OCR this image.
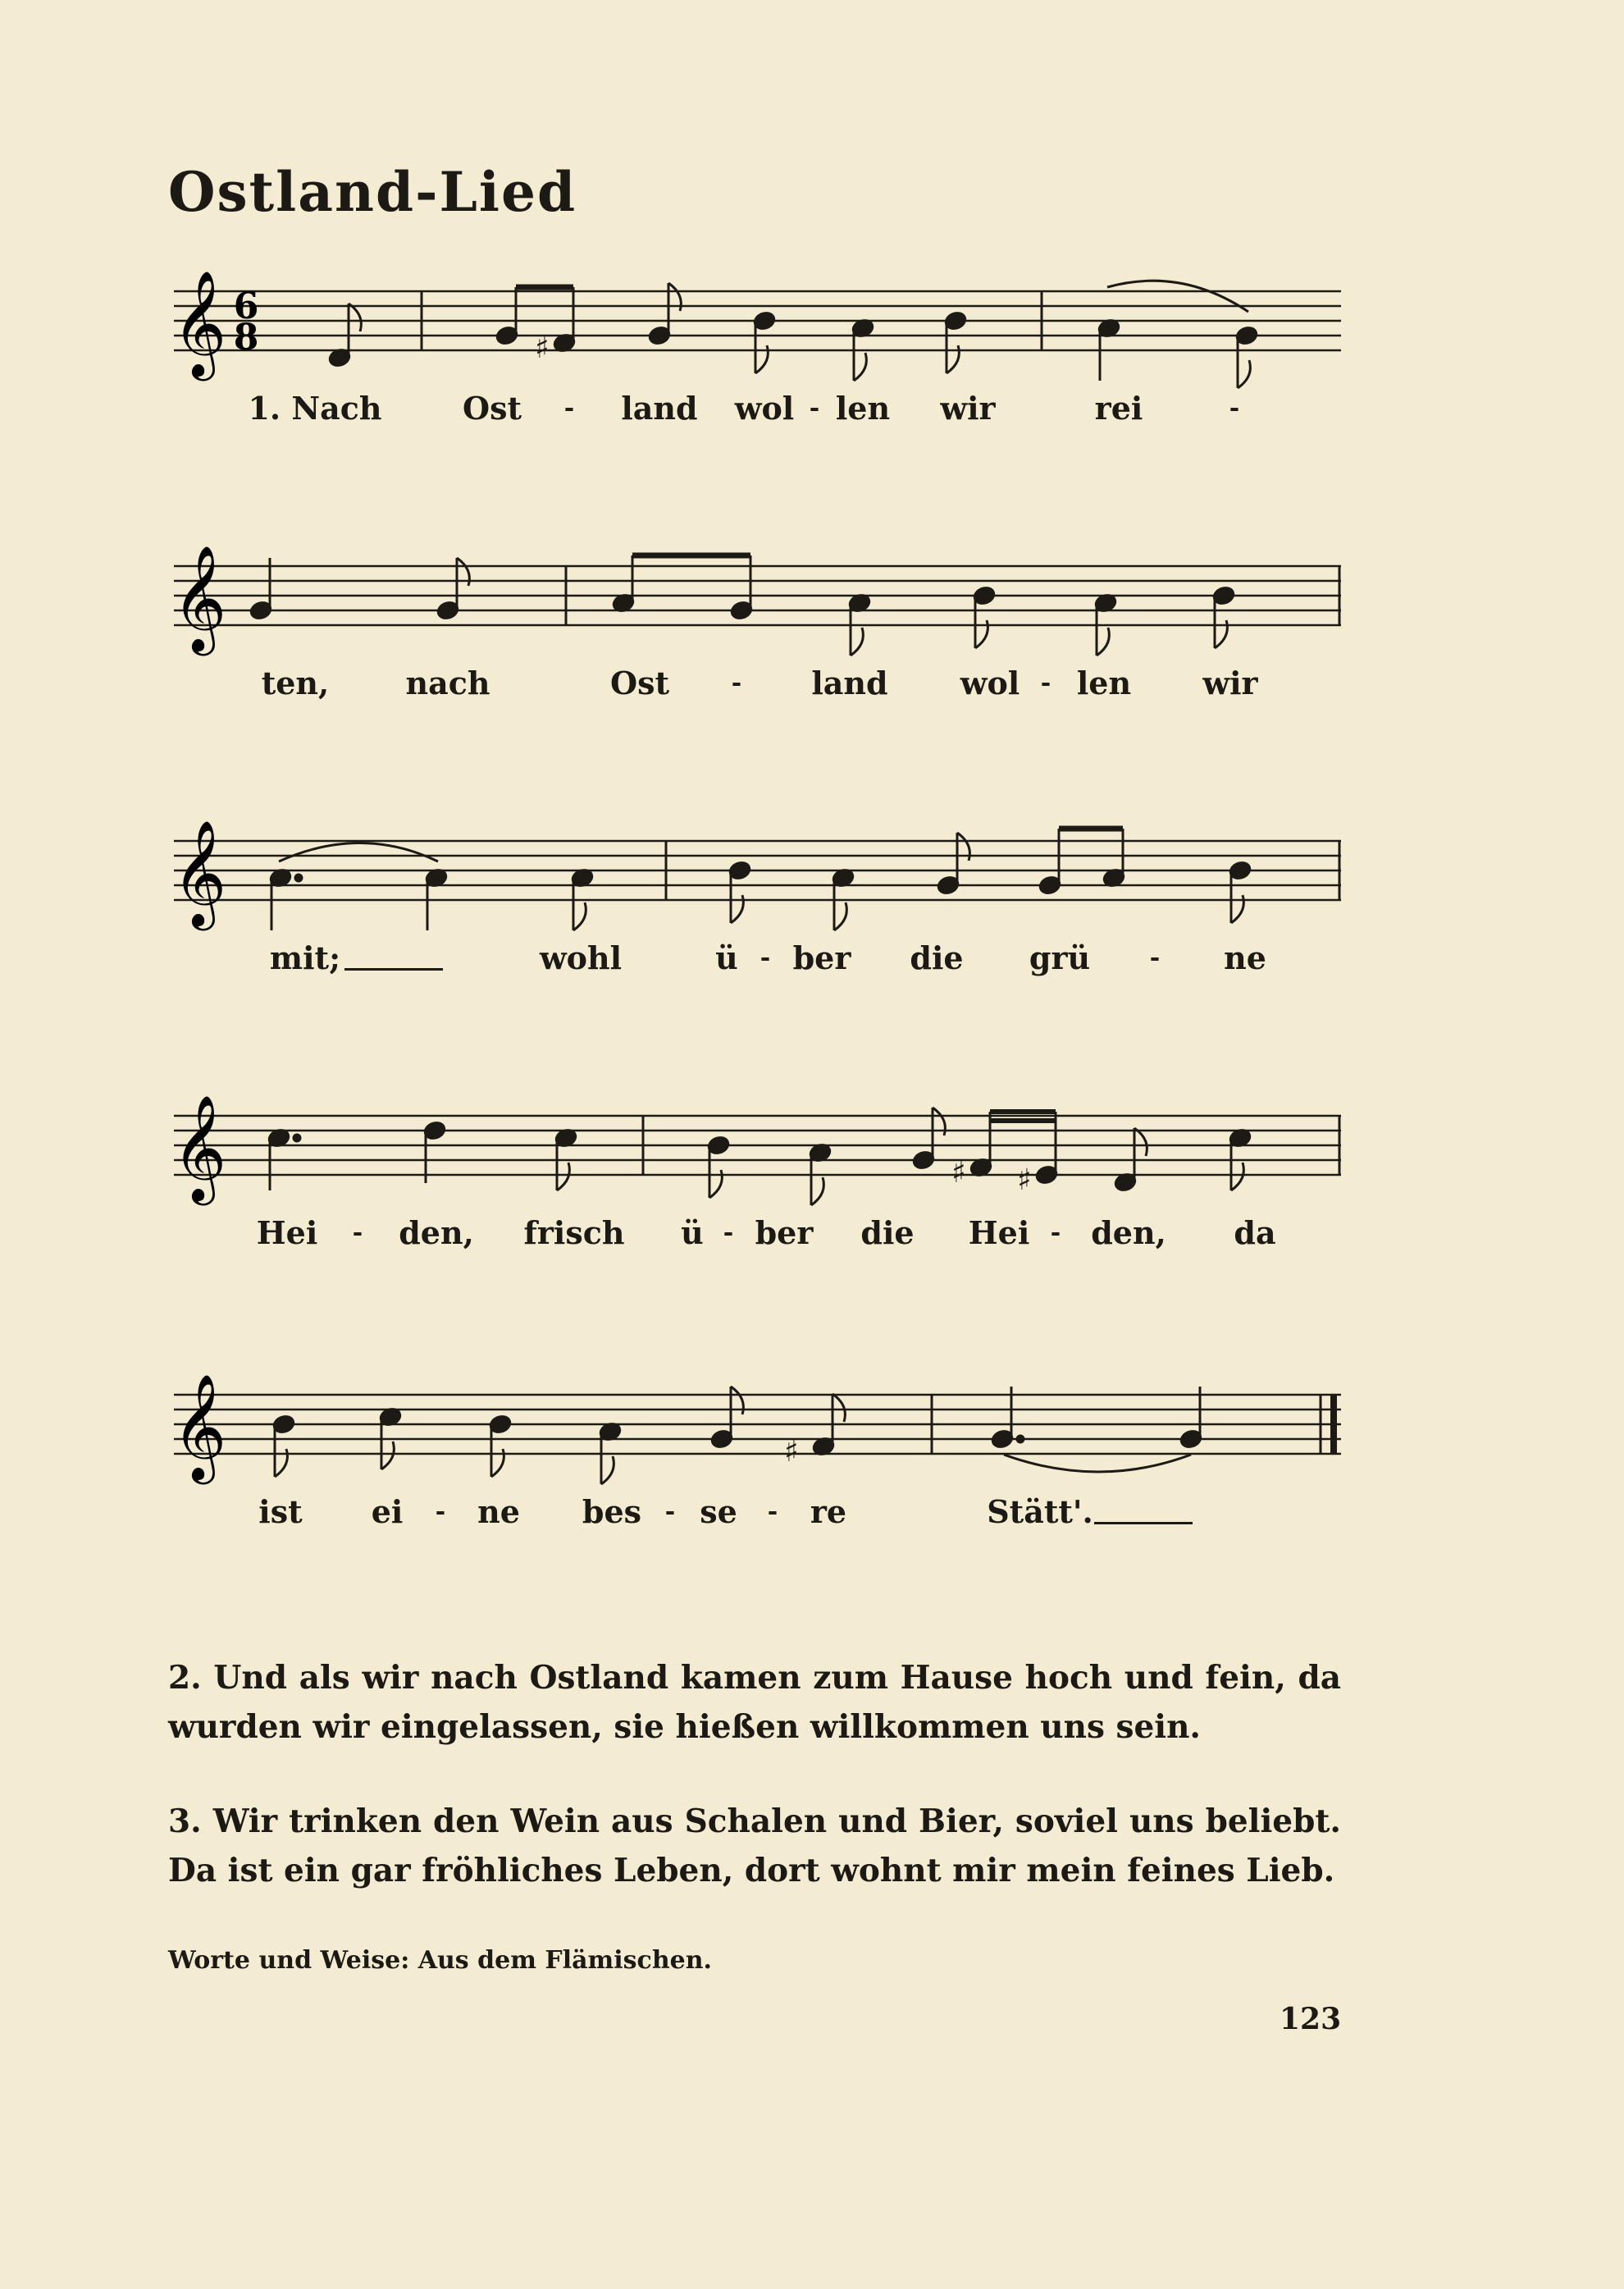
Ostland-Lied
𝄞 6
8	♯
1. Nach	Ost - land wol - len wir	rei	-
𝄞
ten, nach	Ost	- land wol - len wir
𝄞
mit;	wohl	ü - ber die grü - ne
𝄞	♯ ♯
Hei - den, frisch ü - ber die Hei - den, da
𝄞	♯
ist ei - ne bes - se - re	Stätt'.
2. Und als wir nach Ostland kamen zum Hause hoch und fein, da wurden wir eingelassen, sie hießen willkommen uns sein.
3. Wir trinken den Wein aus Schalen und Bier, soviel uns beliebt. Da ist ein gar fröhliches Leben, dort wohnt mir mein feines Lieb.
Worte und Weise: Aus dem Flämischen.
123
